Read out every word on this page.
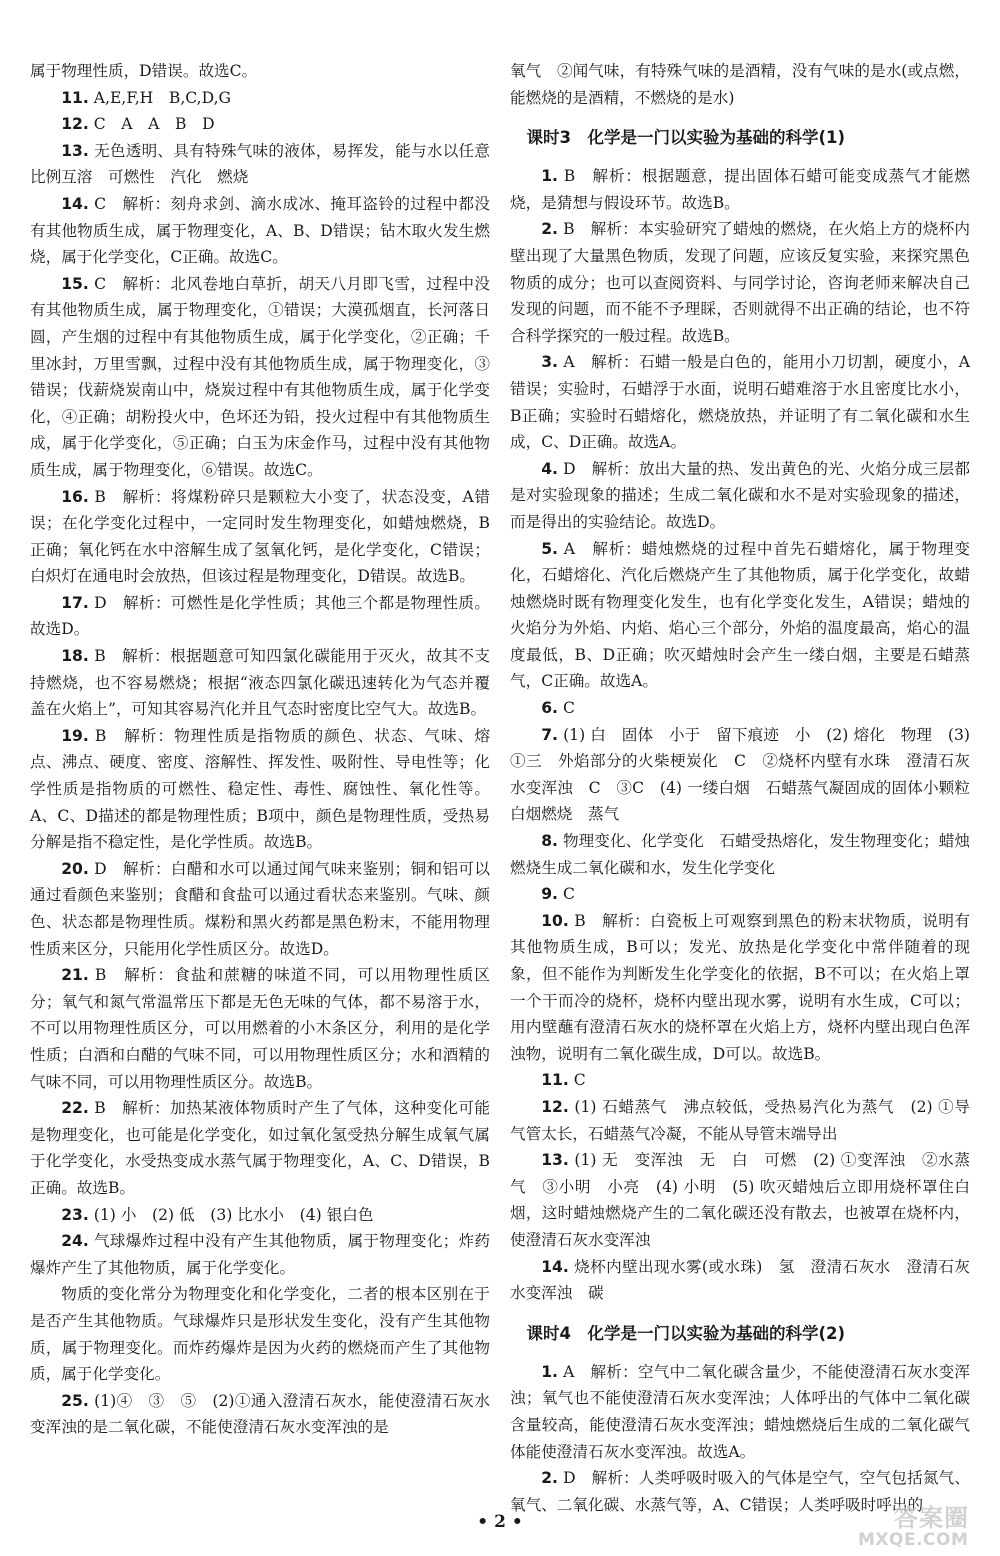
属于物理性质，D错误。故选C。

11. A,E,F,H　B,C,D,G

12. C　A　A　B　D

13. 无色透明、具有特殊气味的液体，易挥发，能与水以任意比例互溶　可燃性　汽化　燃烧

14. C　解析：刻舟求剑、滴水成冰、掩耳盗铃的过程中都没有其他物质生成，属于物理变化，A、B、D错误；钻木取火发生燃烧，属于化学变化，C正确。故选C。

15. C　解析：北风卷地白草折，胡天八月即飞雪，过程中没有其他物质生成，属于物理变化，①错误；大漠孤烟直，长河落日圆，产生烟的过程中有其他物质生成，属于化学变化，②正确；千里冰封，万里雪飘，过程中没有其他物质生成，属于物理变化，③错误；伐薪烧炭南山中，烧炭过程中有其他物质生成，属于化学变化，④正确；胡粉投火中，色坏还为铅，投火过程中有其他物质生成，属于化学变化，⑤正确；白玉为床金作马，过程中没有其他物质生成，属于物理变化，⑥错误。故选C。

16. B　解析：将煤粉碎只是颗粒大小变了，状态没变，A错误；在化学变化过程中，一定同时发生物理变化，如蜡烛燃烧，B正确；氧化钙在水中溶解生成了氢氧化钙，是化学变化，C错误；白炽灯在通电时会放热，但该过程是物理变化，D错误。故选B。

17. D　解析：可燃性是化学性质；其他三个都是物理性质。故选D。

18. B　解析：根据题意可知四氯化碳能用于灭火，故其不支持燃烧，也不容易燃烧；根据“液态四氯化碳迅速转化为气态并覆盖在火焰上”，可知其容易汽化并且气态时密度比空气大。故选B。

19. B　解析：物理性质是指物质的颜色、状态、气味、熔点、沸点、硬度、密度、溶解性、挥发性、吸附性、导电性等；化学性质是指物质的可燃性、稳定性、毒性、腐蚀性、氧化性等。A、C、D描述的都是物理性质；B项中，颜色是物理性质，受热易分解是指不稳定性，是化学性质。故选B。

20. D　解析：白醋和水可以通过闻气味来鉴别；铜和铝可以通过看颜色来鉴别；食醋和食盐可以通过看状态来鉴别。气味、颜色、状态都是物理性质。煤粉和黑火药都是黑色粉末，不能用物理性质来区分，只能用化学性质区分。故选D。

21. B　解析：食盐和蔗糖的味道不同，可以用物理性质区分；氧气和氮气常温常压下都是无色无味的气体，都不易溶于水，不可以用物理性质区分，可以用燃着的小木条区分，利用的是化学性质；白酒和白醋的气味不同，可以用物理性质区分；水和酒精的气味不同，可以用物理性质区分。故选B。

22. B　解析：加热某液体物质时产生了气体，这种变化可能是物理变化，也可能是化学变化，如过氧化氢受热分解生成氧气属于化学变化，水受热变成水蒸气属于物理变化，A、C、D错误，B正确。故选B。

23. (1) 小　(2) 低　(3) 比水小　(4) 银白色

24. 气球爆炸过程中没有产生其他物质，属于物理变化；炸药爆炸产生了其他物质，属于化学变化。

物质的变化常分为物理变化和化学变化，二者的根本区别在于是否产生其他物质。气球爆炸只是形状发生变化，没有产生其他物质，属于物理变化。而炸药爆炸是因为火药的燃烧而产生了其他物质，属于化学变化。

25. (1)④　③　⑤　(2)①通入澄清石灰水，能使澄清石灰水变浑浊的是二氧化碳，不能使澄清石灰水变浑浊的是

氧气　②闻气味，有特殊气味的是酒精，没有气味的是水(或点燃，能燃烧的是酒精，不燃烧的是水)

课时3　化学是一门以实验为基础的科学(1)

1. B　解析：根据题意，提出固体石蜡可能变成蒸气才能燃烧，是猜想与假设环节。故选B。

2. B　解析：本实验研究了蜡烛的燃烧，在火焰上方的烧杯内壁出现了大量黑色物质，发现了问题，应该反复实验，来探究黑色物质的成分；也可以查阅资料、与同学讨论，咨询老师来解决自己发现的问题，而不能不予理睬，否则就得不出正确的结论，也不符合科学探究的一般过程。故选B。

3. A　解析：石蜡一般是白色的，能用小刀切割，硬度小，A错误；实验时，石蜡浮于水面，说明石蜡难溶于水且密度比水小，B正确；实验时石蜡熔化，燃烧放热，并证明了有二氧化碳和水生成，C、D正确。故选A。

4. D　解析：放出大量的热、发出黄色的光、火焰分成三层都是对实验现象的描述；生成二氧化碳和水不是对实验现象的描述，而是得出的实验结论。故选D。

5. A　解析：蜡烛燃烧的过程中首先石蜡熔化，属于物理变化，石蜡熔化、汽化后燃烧产生了其他物质，属于化学变化，故蜡烛燃烧时既有物理变化发生，也有化学变化发生，A错误；蜡烛的火焰分为外焰、内焰、焰心三个部分，外焰的温度最高，焰心的温度最低，B、D正确；吹灭蜡烛时会产生一缕白烟，主要是石蜡蒸气，C正确。故选A。

6. C

7. (1) 白　固体　小于　留下痕迹　小　(2) 熔化　物理　(3) ①三　外焰部分的火柴梗炭化　C　②烧杯内壁有水珠　澄清石灰水变浑浊　C　③C　(4) 一缕白烟　石蜡蒸气凝固成的固体小颗粒　白烟燃烧　蒸气

8. 物理变化、化学变化　石蜡受热熔化，发生物理变化；蜡烛燃烧生成二氧化碳和水，发生化学变化

9. C

10. B　解析：白瓷板上可观察到黑色的粉末状物质，说明有其他物质生成，B可以；发光、放热是化学变化中常伴随着的现象，但不能作为判断发生化学变化的依据，B不可以；在火焰上罩一个干而冷的烧杯，烧杯内壁出现水雾，说明有水生成，C可以；用内壁蘸有澄清石灰水的烧杯罩在火焰上方，烧杯内壁出现白色浑浊物，说明有二氧化碳生成，D可以。故选B。

11. C

12. (1) 石蜡蒸气　沸点较低，受热易汽化为蒸气　(2) ①导气管太长，石蜡蒸气冷凝，不能从导管末端导出

13. (1) 无　变浑浊　无　白　可燃　(2) ①变浑浊　②水蒸气　③小明　小亮　(4) 小明　(5) 吹灭蜡烛后立即用烧杯罩住白烟，这时蜡烛燃烧产生的二氧化碳还没有散去，也被罩在烧杯内，使澄清石灰水变浑浊

14. 烧杯内壁出现水雾(或水珠)　氢　澄清石灰水　澄清石灰水变浑浊　碳

课时4　化学是一门以实验为基础的科学(2)

1. A　解析：空气中二氧化碳含量少，不能使澄清石灰水变浑浊；氧气也不能使澄清石灰水变浑浊；人体呼出的气体中二氧化碳含量较高，能使澄清石灰水变浑浊；蜡烛燃烧后生成的二氧化碳气体能使澄清石灰水变浑浊。故选A。

2. D　解析：人类呼吸时吸入的气体是空气，空气包括氮气、氧气、二氧化碳、水蒸气等，A、C错误；人类呼吸时呼出的

• 2 •	答案圈
MXQE.COM
